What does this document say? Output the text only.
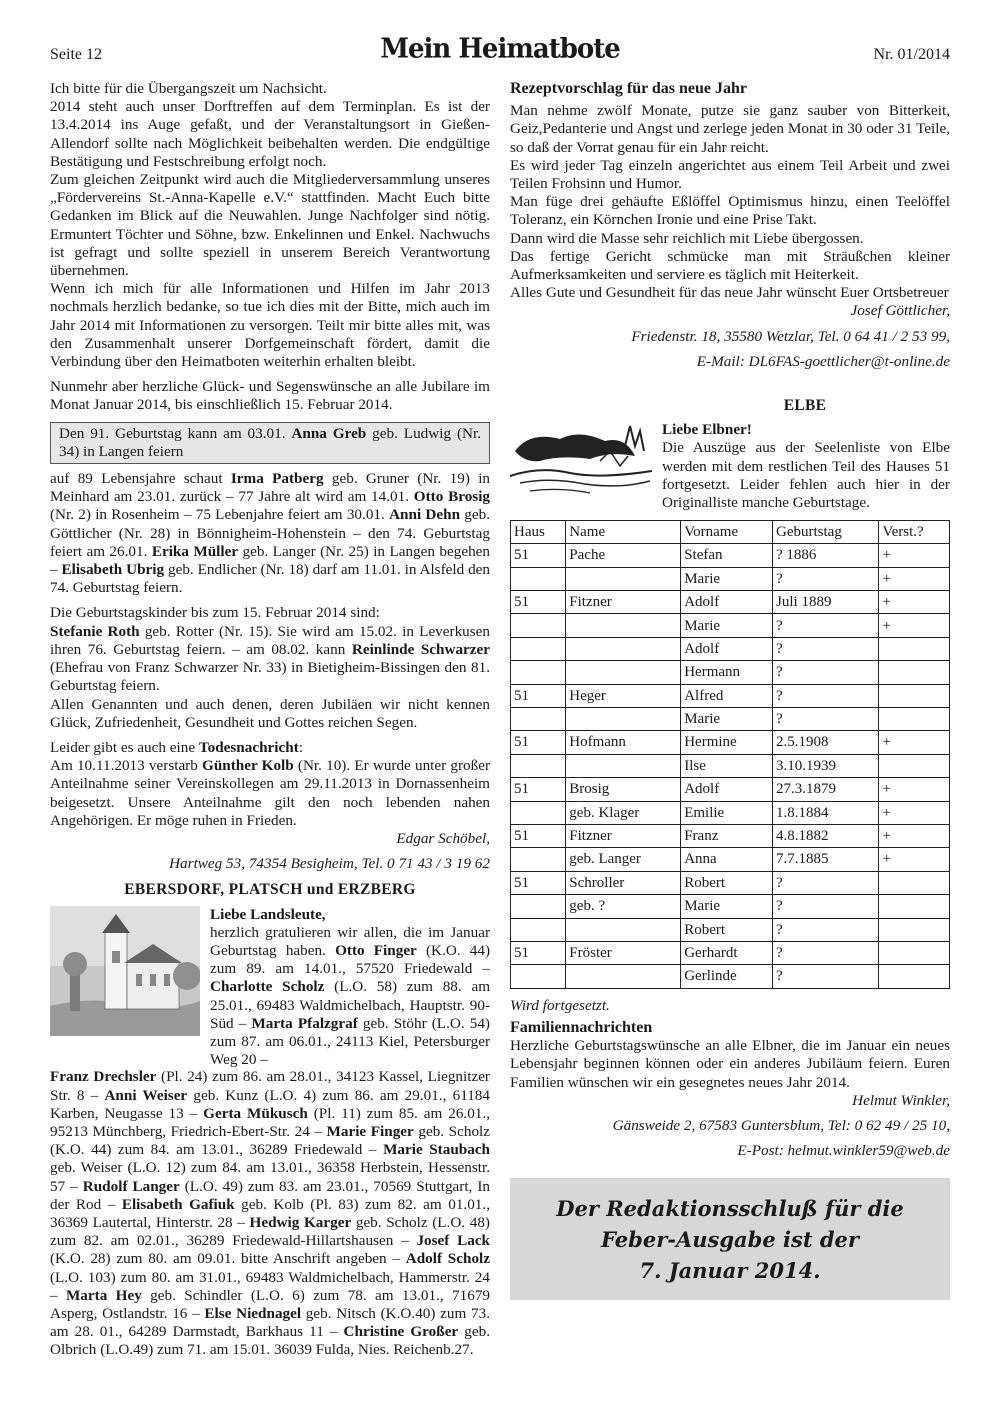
Seite 12	Mein Heimatbote	Nr. 01/2014

Ich bitte für die Übergangszeit um Nachsicht.

2014 steht auch unser Dorftreffen auf dem Terminplan. Es ist der 13.4.2014 ins Auge gefaßt, und der Veranstaltungsort in Gießen-Allendorf sollte nach Möglichkeit beibehalten werden. Die endgültige Bestätigung und Festschreibung erfolgt noch.

Zum gleichen Zeitpunkt wird auch die Mitgliederversammlung unseres „Fördervereins St.-Anna-Kapelle e.V.“ stattfinden. Macht Euch bitte Gedanken im Blick auf die Neuwahlen. Junge Nachfolger sind nötig. Ermuntert Töchter und Söhne, bzw. Enkelinnen und Enkel. Nachwuchs ist gefragt und sollte speziell in unserem Bereich Verantwortung übernehmen.

Wenn ich mich für alle Informationen und Hilfen im Jahr 2013 nochmals herzlich bedanke, so tue ich dies mit der Bitte, mich auch im Jahr 2014 mit Informationen zu versorgen. Teilt mir bitte alles mit, was den Zusammenhalt unserer Dorfgemeinschaft fördert, damit die Verbindung über den Heimatboten weiterhin erhalten bleibt.

Nunmehr aber herzliche Glück- und Segenswünsche an alle Jubilare im Monat Januar 2014, bis einschließlich 15. Februar 2014.

Den 91. Geburtstag kann am 03.01. Anna Greb geb. Ludwig (Nr. 34) in Langen feiern

auf 89 Lebensjahre schaut Irma Patberg geb. Gruner (Nr. 19) in Meinhard am 23.01. zurück – 77 Jahre alt wird am 14.01. Otto Brosig (Nr. 2) in Rosenheim – 75 Lebenjahre feiert am 30.01. Anni Dehn geb. Göttlicher (Nr. 28) in Bönnigheim-Hohenstein – den 74. Geburtstag feiert am 26.01. Erika Müller geb. Langer (Nr. 25) in Langen begehen – Elisabeth Ubrig geb. Endlicher (Nr. 18) darf am 11.01. in Alsfeld den 74. Geburtstag feiern.

Die Geburtstagskinder bis zum 15. Februar 2014 sind:

Stefanie Roth geb. Rotter (Nr. 15). Sie wird am 15.02. in Leverkusen ihren 76. Geburtstag feiern. – am 08.02. kann Reinlinde Schwarzer (Ehefrau von Franz Schwarzer Nr. 33) in Bietigheim-Bissingen den 81. Geburtstag feiern.

Allen Genannten und auch denen, deren Jubiläen wir nicht kennen Glück, Zufriedenheit, Gesundheit und Gottes reichen Segen.

Leider gibt es auch eine Todesnachricht:
Am 10.11.2013 verstarb Günther Kolb (Nr. 10). Er wurde unter großer Anteilnahme seiner Vereinskollegen am 29.11.2013 in Dornassenheim beigesetzt. Unsere Anteilnahme gilt den noch lebenden nahen Angehörigen. Er möge ruhen in Frieden.

Edgar Schöbel,

Hartweg 53, 74354 Besigheim, Tel. 0 71 43 / 3 19 62

EBERSDORF, PLATSCH und ERZBERG
Liebe Landsleute,
herzlich gratulieren wir allen, die im Januar Geburtstag haben. Otto Finger (K.O. 44) zum 89. am 14.01., 57520 Friedewald – Charlotte Scholz (L.O. 58) zum 88. am 25.01., 69483 Waldmichelbach, Hauptstr. 90-Süd – Marta Pfalzgraf geb. Stöhr (L.O. 54) zum 87. am 06.01., 24113 Kiel, Petersburger Weg 20 –

Franz Drechsler (Pl. 24) zum 86. am 28.01., 34123 Kassel, Liegnitzer Str. 8 – Anni Weiser geb. Kunz (L.O. 4) zum 86. am 29.01., 61184 Karben, Neugasse 13 – Gerta Mükusch (Pl. 11) zum 85. am 26.01., 95213 Münchberg, Friedrich-Ebert-Str. 24 – Marie Finger geb. Scholz (K.O. 44) zum 84. am 13.01., 36289 Friedewald – Marie Staubach geb. Weiser (L.O. 12) zum 84. am 13.01., 36358 Herbstein, Hessenstr. 57 – Rudolf Langer (L.O. 49) zum 83. am 23.01., 70569 Stuttgart, In der Rod – Elisabeth Gafiuk geb. Kolb (Pl. 83) zum 82. am 01.01., 36369 Lautertal, Hinterstr. 28 – Hedwig Karger geb. Scholz (L.O. 48) zum 82. am 02.01., 36289 Friedewald-Hillartshausen – Josef Lack (K.O. 28) zum 80. am 09.01. bitte Anschrift angeben – Adolf Scholz (L.O. 103) zum 80. am 31.01., 69483 Waldmichelbach, Hammerstr. 24 – Marta Hey geb. Schindler (L.O. 6) zum 78. am 13.01., 71679 Asperg, Ostlandstr. 16 – Else Niednagel geb. Nitsch (K.O.40) zum 73. am 28. 01., 64289 Darmstadt, Barkhaus 11 – Christine Großer geb. Olbrich (L.O.49) zum 71. am 15.01. 36039 Fulda, Nies. Reichenb.27.

Rezeptvorschlag für das neue Jahr

Man nehme zwölf Monate, putze sie ganz sauber von Bitterkeit, Geiz,Pedanterie und Angst und zerlege jeden Monat in 30 oder 31 Teile, so daß der Vorrat genau für ein Jahr reicht.

Es wird jeder Tag einzeln angerichtet aus einem Teil Arbeit und zwei Teilen Frohsinn und Humor.

Man füge drei gehäufte Eßlöffel Optimismus hinzu, einen Teelöffel Toleranz, ein Körnchen Ironie und eine Prise Takt.

Dann wird die Masse sehr reichlich mit Liebe übergossen.

Das fertige Gericht schmücke man mit Sträußchen kleiner Aufmerksamkeiten und serviere es täglich mit Heiterkeit.

Alles Gute und Gesundheit für das neue Jahr wünscht Euer Ortsbetreuer

Josef Göttlicher,

Friedenstr. 18, 35580 Wetzlar, Tel. 0 64 41 / 2 53 99,

E-Mail: DL6FAS-goettlicher@t-online.de

ELBE
Liebe Elbner!
Die Auszüge aus der Seelenliste von Elbe werden mit dem restlichen Teil des Hauses 51 fortgesetzt. Leider fehlen auch hier in der Originalliste manche Geburtstage.
Haus	Name	Vorname	Geburtstag	Verst.?
51	Pache	Stefan	? 1886	+
		Marie	?	+
51	Fitzner	Adolf	Juli 1889	+
		Marie	?	+
		Adolf	?	
		Hermann	?	
51	Heger	Alfred	?	
		Marie	?	
51	Hofmann	Hermine	2.5.1908	+
		Ilse	3.10.1939	
51	Brosig	Adolf	27.3.1879	+
	geb. Klager	Emilie	1.8.1884	+
51	Fitzner	Franz	4.8.1882	+
	geb. Langer	Anna	7.7.1885	+
51	Schroller	Robert	?	
	geb. ?	Marie	?	
		Robert	?	
51	Fröster	Gerhardt	?	
		Gerlinde	?	

Wird fortgesetzt.

Familiennachrichten

Herzliche Geburtstagswünsche an alle Elbner, die im Januar ein neues Lebensjahr beginnen können oder ein anderes Jubiläum feiern. Euren Familien wünschen wir ein gesegnetes neues Jahr 2014.

Helmut Winkler,

Gänsweide 2, 67583 Guntersblum, Tel: 0 62 49 / 25 10,

E-Post: helmut.winkler59@web.de

Der Redaktionsschluß für die
Feber-Ausgabe ist der
7. Januar 2014.
